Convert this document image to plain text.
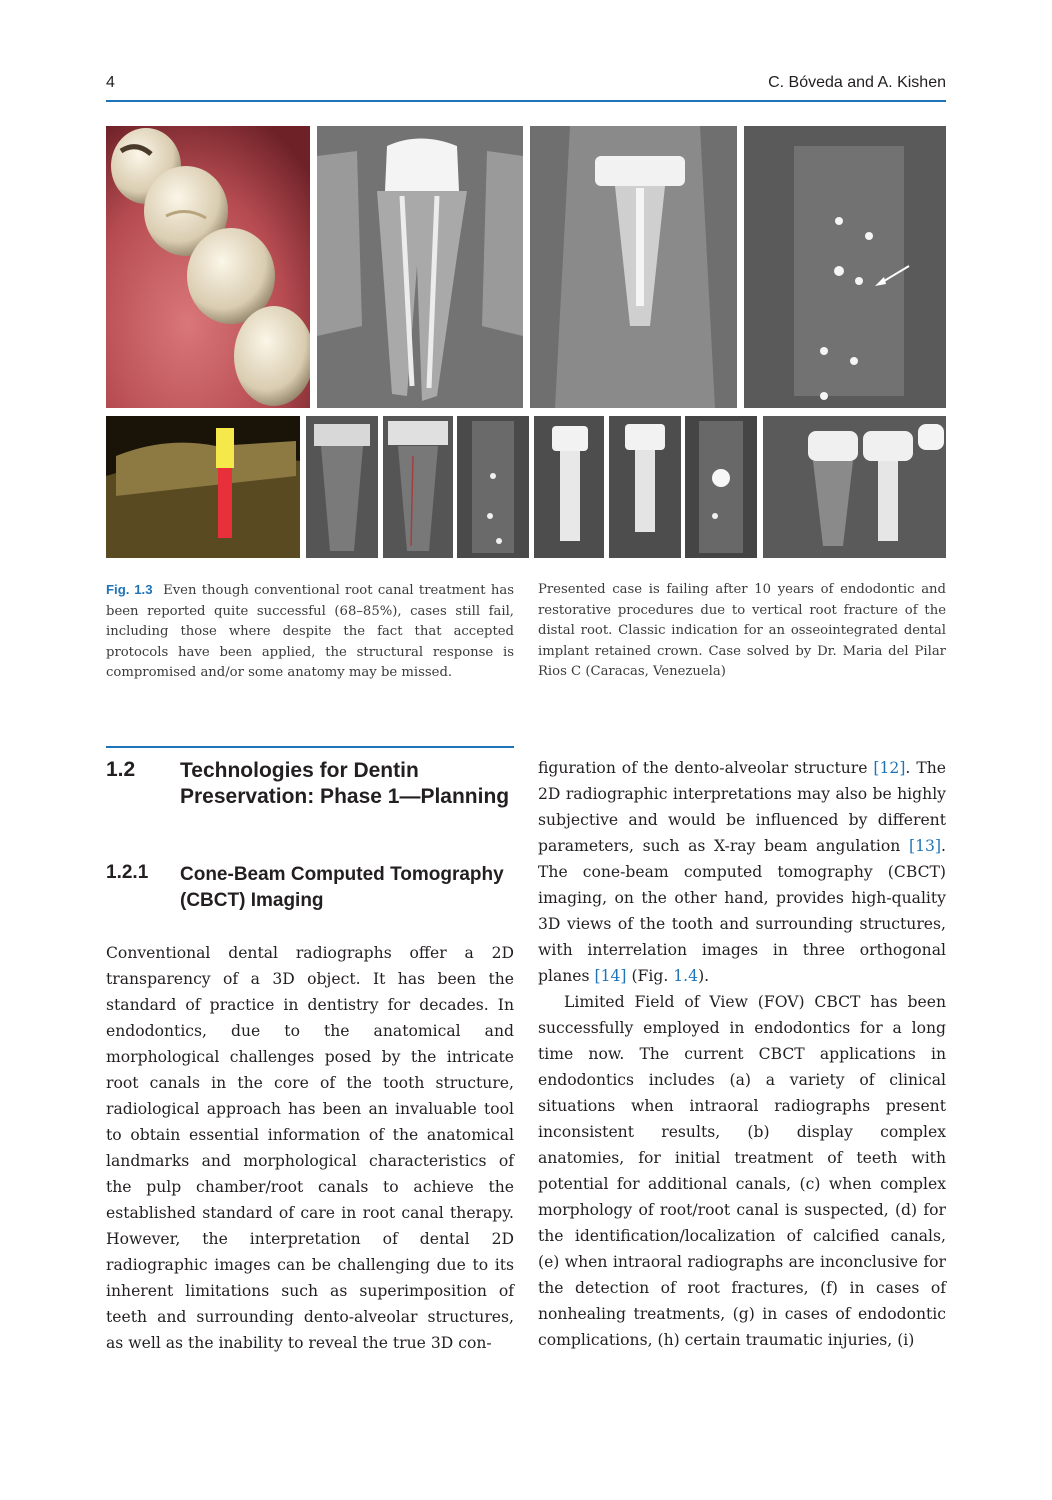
4	C. Bóveda and A. Kishen
Fig. 1.3 Even though conventional root canal treatment has been reported quite successful (68–85%), cases still fail, including those where despite the fact that accepted protocols have been applied, the structural response is compromised and/or some anatomy may be missed.
Presented case is failing after 10 years of endodontic and restorative procedures due to vertical root fracture of the distal root. Classic indication for an osseointegrated dental implant retained crown. Case solved by Dr. Maria del Pilar Rios C (Caracas, Venezuela)
1.2 Technologies for Dentin Preservation: Phase 1—Planning
1.2.1 Cone-Beam Computed Tomography (CBCT) Imaging

Conventional dental radiographs offer a 2D transparency of a 3D object. It has been the standard of practice in dentistry for decades. In endodontics, due to the anatomical and morphological challenges posed by the intricate root canals in the core of the tooth structure, radiological approach has been an invaluable tool to obtain essential information of the anatomical landmarks and morphological characteristics of the pulp chamber/root canals to achieve the established standard of care in root canal therapy. However, the interpretation of dental 2D radiographic images can be challenging due to its inherent limitations such as superimposition of teeth and surrounding dento-alveolar structures, as well as the inability to reveal the true 3D con-

figuration of the dento-alveolar structure [12]. The 2D radiographic interpretations may also be highly subjective and would be influenced by different parameters, such as X-ray beam angulation [13]. The cone-beam computed tomography (CBCT) imaging, on the other hand, provides high-quality 3D views of the tooth and surrounding structures, with interrelation images in three orthogonal planes [14] (Fig. 1.4).

Limited Field of View (FOV) CBCT has been successfully employed in endodontics for a long time now. The current CBCT applications in endodontics includes (a) a variety of clinical situations when intraoral radiographs present inconsistent results, (b) display complex anatomies, for initial treatment of teeth with potential for additional canals, (c) when complex morphology of root/root canal is suspected, (d) for the identification/localization of calcified canals, (e) when intraoral radiographs are inconclusive for the detection of root fractures, (f) in cases of nonhealing treatments, (g) in cases of endodontic complications, (h) certain traumatic injuries, (i)
